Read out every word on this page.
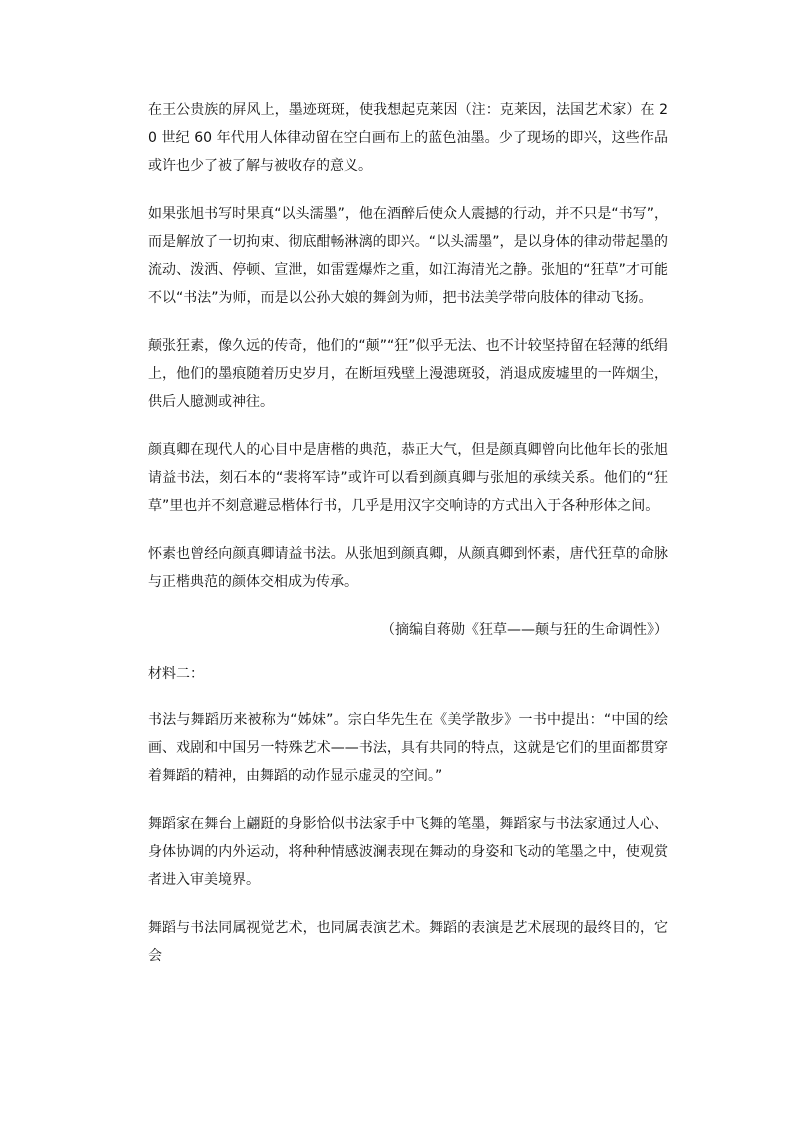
在王公贵族的屏风上，墨迹斑斑，使我想起克莱因（注：克莱因，法国艺术家）在 20 世纪 60 年代用人体律动留在空白画布上的蓝色油墨。少了现场的即兴，这些作品或许也少了被了解与被收存的意义。

如果张旭书写时果真“以头濡墨”，他在酒醉后使众人震撼的行动，并不只是“书写”，而是解放了一切拘束、彻底酣畅淋漓的即兴。“以头濡墨”，是以身体的律动带起墨的流动、泼洒、停顿、宣泄，如雷霆爆炸之重，如江海清光之静。张旭的“狂草”才可能不以“书法”为师，而是以公孙大娘的舞剑为师，把书法美学带向肢体的律动飞扬。

颠张狂素，像久远的传奇，他们的“颠”“狂”似乎无法、也不计较坚持留在轻薄的纸绢上，他们的墨痕随着历史岁月，在断垣残壁上漫漶斑驳，消退成废墟里的一阵烟尘，供后人臆测或神往。

颜真卿在现代人的心目中是唐楷的典范，恭正大气，但是颜真卿曾向比他年长的张旭请益书法，刻石本的“裴将军诗”或许可以看到颜真卿与张旭的承续关系。他们的“狂草”里也并不刻意避忌楷体行书，几乎是用汉字交响诗的方式出入于各种形体之间。

怀素也曾经向颜真卿请益书法。从张旭到颜真卿，从颜真卿到怀素，唐代狂草的命脉与正楷典范的颜体交相成为传承。

（摘编自蒋勋《狂草——颠与狂的生命调性》）

材料二：

书法与舞蹈历来被称为“姊妹”。宗白华先生在《美学散步》一书中提出：“中国的绘画、戏剧和中国另一特殊艺术——书法，具有共同的特点，这就是它们的里面都贯穿着舞蹈的精神，由舞蹈的动作显示虚灵的空间。”

舞蹈家在舞台上翩跹的身影恰似书法家手中飞舞的笔墨，舞蹈家与书法家通过人心、身体协调的内外运动，将种种情感波澜表现在舞动的身姿和飞动的笔墨之中，使观赏者进入审美境界。

舞蹈与书法同属视觉艺术，也同属表演艺术。舞蹈的表演是艺术展现的最终目的，它会
